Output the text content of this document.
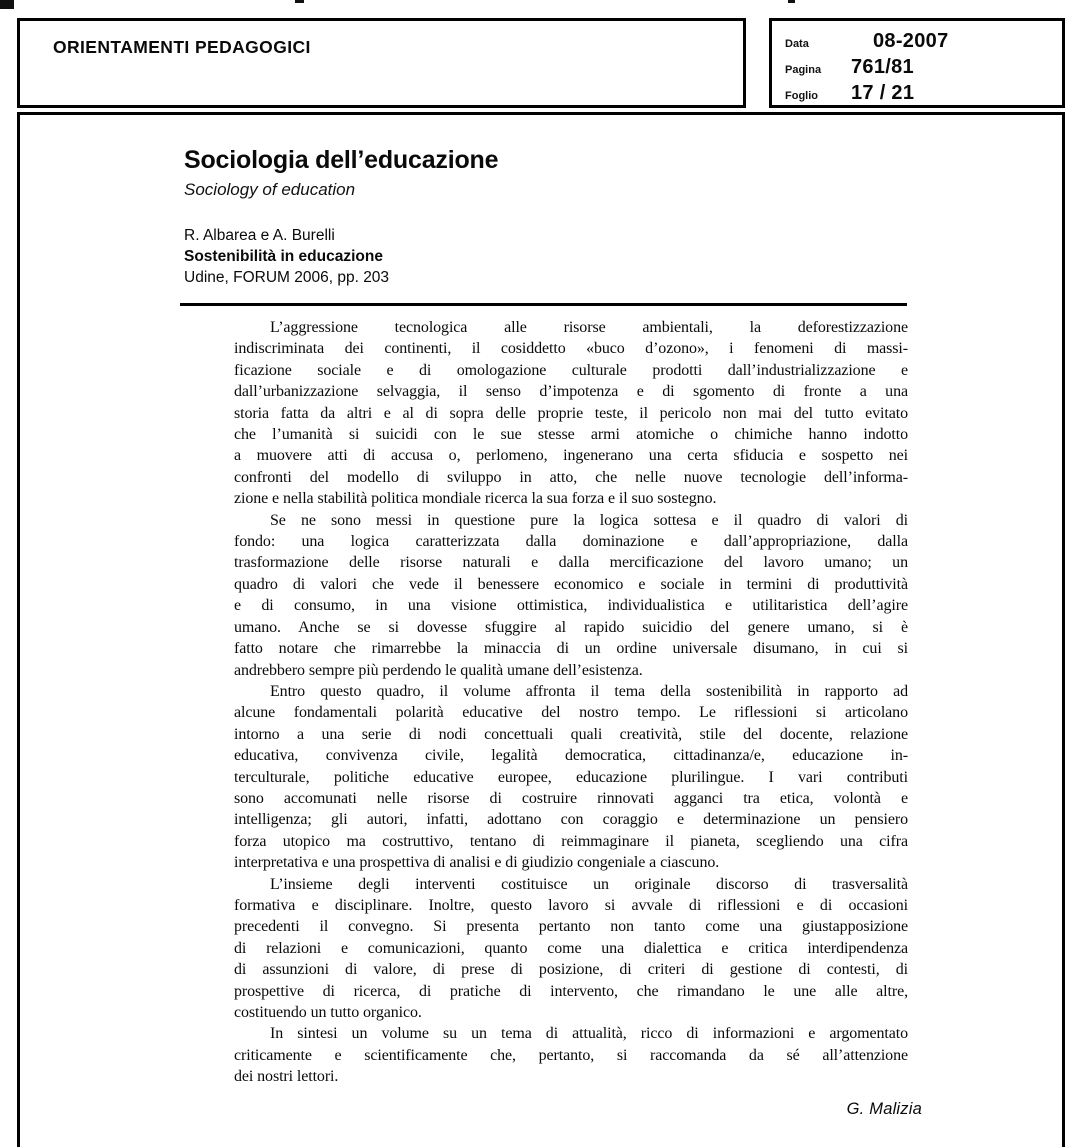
ORIENTAMENTI PEDAGOGICI	Data	08-2007
Pagina	761/81
Foglio	17 / 21
Sociologia dell’educazione
Sociology of education
R. Albarea e A. Burelli
Sostenibilità in educazione
Udine, FORUM 2006, pp. 203
L’aggressione tecnologica alle risorse ambientali, la deforestizzazione
indiscriminata dei continenti, il cosiddetto «buco d’ozono», i fenomeni di massi-
ficazione sociale e di omologazione culturale prodotti dall’industrializzazione e
dall’urbanizzazione selvaggia, il senso d’impotenza e di sgomento di fronte a una
storia fatta da altri e al di sopra delle proprie teste, il pericolo non mai del tutto evitato
che l’umanità si suicidi con le sue stesse armi atomiche o chimiche hanno indotto
a muovere atti di accusa o, perlomeno, ingenerano una certa sfiducia e sospetto nei
confronti del modello di sviluppo in atto, che nelle nuove tecnologie dell’informa-
zione e nella stabilità politica mondiale ricerca la sua forza e il suo sostegno.
Se ne sono messi in questione pure la logica sottesa e il quadro di valori di
fondo: una logica caratterizzata dalla dominazione e dall’appropriazione, dalla
trasformazione delle risorse naturali e dalla mercificazione del lavoro umano; un
quadro di valori che vede il benessere economico e sociale in termini di produttività
e di consumo, in una visione ottimistica, individualistica e utilitaristica dell’agire
umano. Anche se si dovesse sfuggire al rapido suicidio del genere umano, si è
fatto notare che rimarrebbe la minaccia di un ordine universale disumano, in cui si
andrebbero sempre più perdendo le qualità umane dell’esistenza.
Entro questo quadro, il volume affronta il tema della sostenibilità in rapporto ad
alcune fondamentali polarità educative del nostro tempo. Le riflessioni si articolano
intorno a una serie di nodi concettuali quali creatività, stile del docente, relazione
educativa, convivenza civile, legalità democratica, cittadinanza/e, educazione in-
terculturale, politiche educative europee, educazione plurilingue. I vari contributi
sono accomunati nelle risorse di costruire rinnovati agganci tra etica, volontà e
intelligenza; gli autori, infatti, adottano con coraggio e determinazione un pensiero
forza utopico ma costruttivo, tentano di reimmaginare il pianeta, scegliendo una cifra
interpretativa e una prospettiva di analisi e di giudizio congeniale a ciascuno.
L’insieme degli interventi costituisce un originale discorso di trasversalità
formativa e disciplinare. Inoltre, questo lavoro si avvale di riflessioni e di occasioni
precedenti il convegno. Si presenta pertanto non tanto come una giustapposizione
di relazioni e comunicazioni, quanto come una dialettica e critica interdipendenza
di assunzioni di valore, di prese di posizione, di criteri di gestione di contesti, di
prospettive di ricerca, di pratiche di intervento, che rimandano le une alle altre,
costituendo un tutto organico.
In sintesi un volume su un tema di attualità, ricco di informazioni e argomentato
criticamente e scientificamente che, pertanto, si raccomanda da sé all’attenzione
dei nostri lettori.
G. Malizia
